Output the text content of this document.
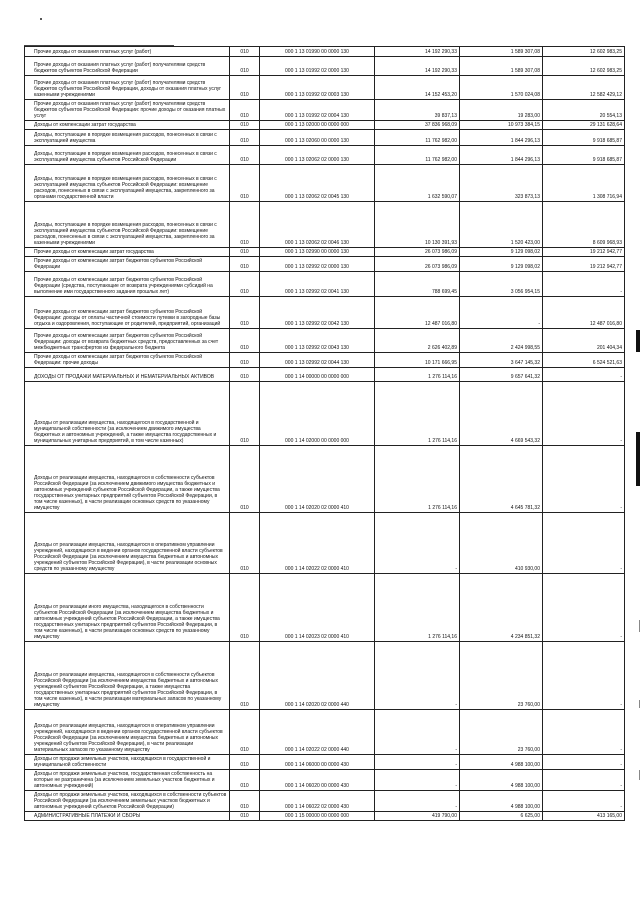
Прочие доходы от оказания платных услуг (работ)	010	000 1 13 01990 00 0000 130	14 192 290,33	1 589 307,08	12 602 983,25
Прочие доходы от оказания платных услуг (работ) получателями средств бюджетов субъектов Российской Федерации	010	000 1 13 01992 02 0000 130	14 192 290,33	1 589 307,08	12 602 983,25
Прочие доходы от оказания платных услуг (работ) получателями средств бюджетов субъектов Российской Федерации, доходы от оказания платных услуг казенными учреждениями	010	000 1 13 01992 02 0003 130	14 152 453,20	1 570 024,08	12 582 429,12
Прочие доходы от оказания платных услуг (работ) получателями средств бюджетов субъектов Российской Федерации: прочие доходы от оказания платных услуг	010	000 1 13 01992 02 0004 130	39 837,13	19 283,00	20 554,13
Доходы от компенсации затрат государства	010	000 1 13 02000 00 0000 000	37 836 968,09	10 973 384,15	29 131 628,64
Доходы, поступающие в порядке возмещения расходов, понесенных в связи с эксплуатацией имущества	010	000 1 13 02060 00 0000 130	11 762 982,00	1 844 296,13	9 918 685,87
Доходы, поступающие в порядке возмещения расходов, понесенных в связи с эксплуатацией имущества субъектов Российской Федерации	010	000 1 13 02062 02 0000 130	11 762 982,00	1 844 296,13	9 918 685,87
Доходы, поступающие в порядке возмещения расходов, понесенных в связи с эксплуатацией имущества субъектов Российской Федерации: возмещение расходов, понесенных в связи с эксплуатацией имущества, закрепленного за органами государственной власти	010	000 1 13 02062 02 0045 130	1 632 590,07	323 873,13	1 308 716,94
Доходы, поступающие в порядке возмещения расходов, понесенных в связи с эксплуатацией имущества субъектов Российской Федерации: возмещение расходов, понесенных в связи с эксплуатацией имущества, закрепленного за казенными учреждениями	010	000 1 13 02062 02 0046 130	10 130 391,93	1 520 423,00	8 609 968,93
Прочие доходы от компенсации затрат государства	010	000 1 13 02990 00 0000 130	26 073 986,09	9 129 098,02	19 212 942,77
Прочие доходы от компенсации затрат бюджетов субъектов Российской Федерации	010	000 1 13 02992 02 0000 130	26 073 986,09	9 129 098,02	19 212 942,77
Прочие доходы от компенсации затрат бюджетов субъектов Российской Федерации (средства, поступающие от возврата учреждениями субсидий на выполнение ими государственного задания прошлых лет)	010	000 1 13 02992 02 0041 130	788 699,45	3 056 954,15	-
Прочие доходы от компенсации затрат бюджетов субъектов Российской Федерации: доходы от оплаты частичной стоимости путевки в загородные базы отдыха и оздоровления, поступающие от родителей, предприятий, организаций	010	000 1 13 02992 02 0042 130	12 487 016,80	-	12 487 016,80
Прочие доходы от компенсации затрат бюджетов субъектов Российской Федерации: доходы от возврата бюджетных средств, предоставленных за счет межбюджетных трансфертов из федерального бюджета	010	000 1 13 02992 02 0043 130	2 626 402,89	2 424 998,55	201 404,34
Прочие доходы от компенсации затрат бюджетов субъектов Российской Федерации: прочие доходы	010	000 1 13 02992 02 0044 130	10 171 666,95	3 647 145,32	6 524 521,63
ДОХОДЫ ОТ ПРОДАЖИ МАТЕРИАЛЬНЫХ И НЕМАТЕРИАЛЬНЫХ АКТИВОВ	010	000 1 14 00000 00 0000 000	1 276 114,16	9 657 641,32	-
Доходы от реализации имущества, находящегося в государственной и муниципальной собственности (за исключением движимого имущества бюджетных и автономных учреждений, а также имущества государственных и муниципальных унитарных предприятий, в том числе казенных)	010	000 1 14 02000 00 0000 000	1 276 114,16	4 669 543,32	-
Доходы от реализации имущества, находящегося в собственности субъектов Российской Федерации (за исключением движимого имущества бюджетных и автономных учреждений субъектов Российской Федерации, а также имущества государственных унитарных предприятий субъектов Российской Федерации, в том числе казенных), в части реализации основных средств по указанному имуществу	010	000 1 14 02020 02 0000 410	1 276 114,16	4 645 781,32	-
Доходы от реализации имущества, находящегося в оперативном управлении учреждений, находящихся в ведении органов государственной власти субъектов Российской Федерации (за исключением имущества бюджетных и автономных учреждений субъектов Российской Федерации), в части реализации основных средств по указанному имуществу	010	000 1 14 02022 02 0000 410	-	410 930,00	-
Доходы от реализации иного имущества, находящегося в собственности субъектов Российской Федерации (за исключением имущества бюджетных и автономных учреждений субъектов Российской Федерации, а также имущества государственных унитарных предприятий субъектов Российской Федерации, в том числе казенных), в части реализации основных средств по указанному имуществу	010	000 1 14 02023 02 0000 410	1 276 114,16	4 234 851,32	-
Доходы от реализации имущества, находящегося в собственности субъектов Российской Федерации (за исключением имущества бюджетных и автономных учреждений субъектов Российской Федерации, а также имущества государственных унитарных предприятий субъектов Российской Федерации, в том числе казенных), в части реализации материальных запасов по указанному имуществу	010	000 1 14 02020 02 0000 440	-	23 760,00	-
Доходы от реализации имущества, находящегося в оперативном управлении учреждений, находящихся в ведении органов государственной власти субъектов Российской Федерации (за исключением имущества бюджетных и автономных учреждений субъектов Российской Федерации), в части реализации материальных запасов по указанному имуществу	010	000 1 14 02022 02 0000 440	-	23 760,00	-
Доходы от продажи земельных участков, находящихся в государственной и муниципальной собственности	010	000 1 14 06000 00 0000 430	-	4 988 100,00	-
Доходы от продажи земельных участков, государственная собственность на которые не разграничена (за исключением земельных участков бюджетных и автономных учреждений)	010	000 1 14 06020 00 0000 430	-	4 988 100,00	-
Доходы от продажи земельных участков, находящихся в собственности субъектов Российской Федерации (за исключением земельных участков бюджетных и автономных учреждений субъектов Российской Федерации)	010	000 1 14 06022 02 0000 430	-	4 988 100,00	-
АДМИНИСТРАТИВНЫЕ ПЛАТЕЖИ И СБОРЫ	010	000 1 15 00000 00 0000 000	419 790,00	6 625,00	413 165,00
